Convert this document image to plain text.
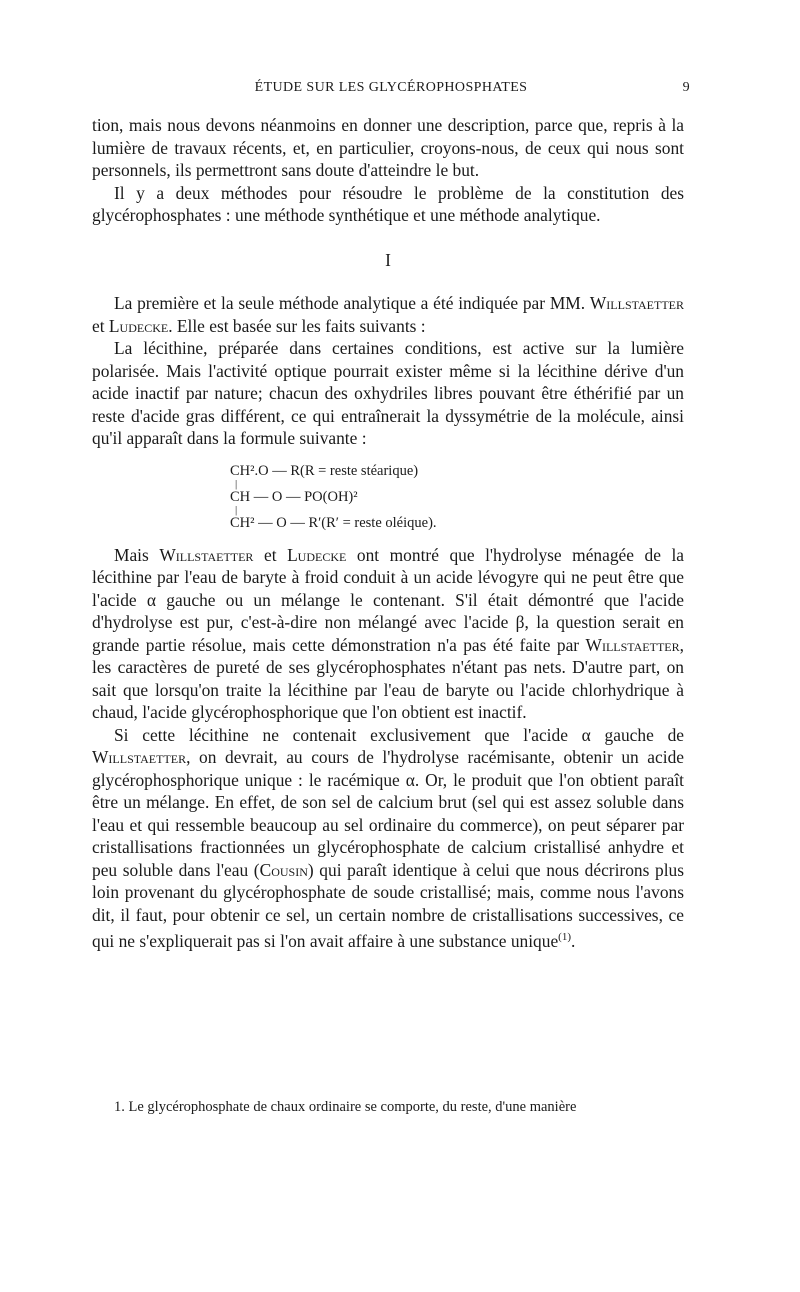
ÉTUDE SUR LES GLYCÉROPHOSPHATES	9

tion, mais nous devons néanmoins en donner une description, parce que, repris à la lumière de travaux récents, et, en particulier, croyons-nous, de ceux qui nous sont personnels, ils permettront sans doute d'atteindre le but.

Il y a deux méthodes pour résoudre le problème de la constitution des glycérophosphates : une méthode synthétique et une méthode analytique.

I

La première et la seule méthode analytique a été indiquée par MM. Willstaetter et Ludecke. Elle est basée sur les faits suivants :

La lécithine, préparée dans certaines conditions, est active sur la lumière polarisée. Mais l'activité optique pourrait exister même si la lécithine dérive d'un acide inactif par nature; chacun des oxhydriles libres pouvant être éthérifié par un reste d'acide gras différent, ce qui entraînerait la dyssymétrie de la molécule, ainsi qu'il apparaît dans la formule suivante :

CH².O — R(R = reste stéarique)
|
CH — O — PO(OH)²
|
CH² — O — R′(R′ = reste oléique).

Mais Willstaetter et Ludecke ont montré que l'hydrolyse ménagée de la lécithine par l'eau de baryte à froid conduit à un acide lévogyre qui ne peut être que l'acide α gauche ou un mélange le contenant. S'il était démontré que l'acide d'hydrolyse est pur, c'est-à-dire non mélangé avec l'acide β, la question serait en grande partie résolue, mais cette démonstration n'a pas été faite par Willstaetter, les caractères de pureté de ses glycérophosphates n'étant pas nets. D'autre part, on sait que lorsqu'on traite la lécithine par l'eau de baryte ou l'acide chlorhydrique à chaud, l'acide glycérophosphorique que l'on obtient est inactif.

Si cette lécithine ne contenait exclusivement que l'acide α gauche de Willstaetter, on devrait, au cours de l'hydrolyse racémisante, obtenir un acide glycérophosphorique unique : le racémique α. Or, le produit que l'on obtient paraît être un mélange. En effet, de son sel de calcium brut (sel qui est assez soluble dans l'eau et qui ressemble beaucoup au sel ordinaire du commerce), on peut séparer par cristallisations fractionnées un glycérophosphate de calcium cristallisé anhydre et peu soluble dans l'eau (Cousin) qui paraît identique à celui que nous décrirons plus loin provenant du glycérophosphate de soude cristallisé; mais, comme nous l'avons dit, il faut, pour obtenir ce sel, un certain nombre de cristallisations successives, ce qui ne s'expliquerait pas si l'on avait affaire à une substance unique$^{(1)}$.

1. Le glycérophosphate de chaux ordinaire se comporte, du reste, d'une manière
